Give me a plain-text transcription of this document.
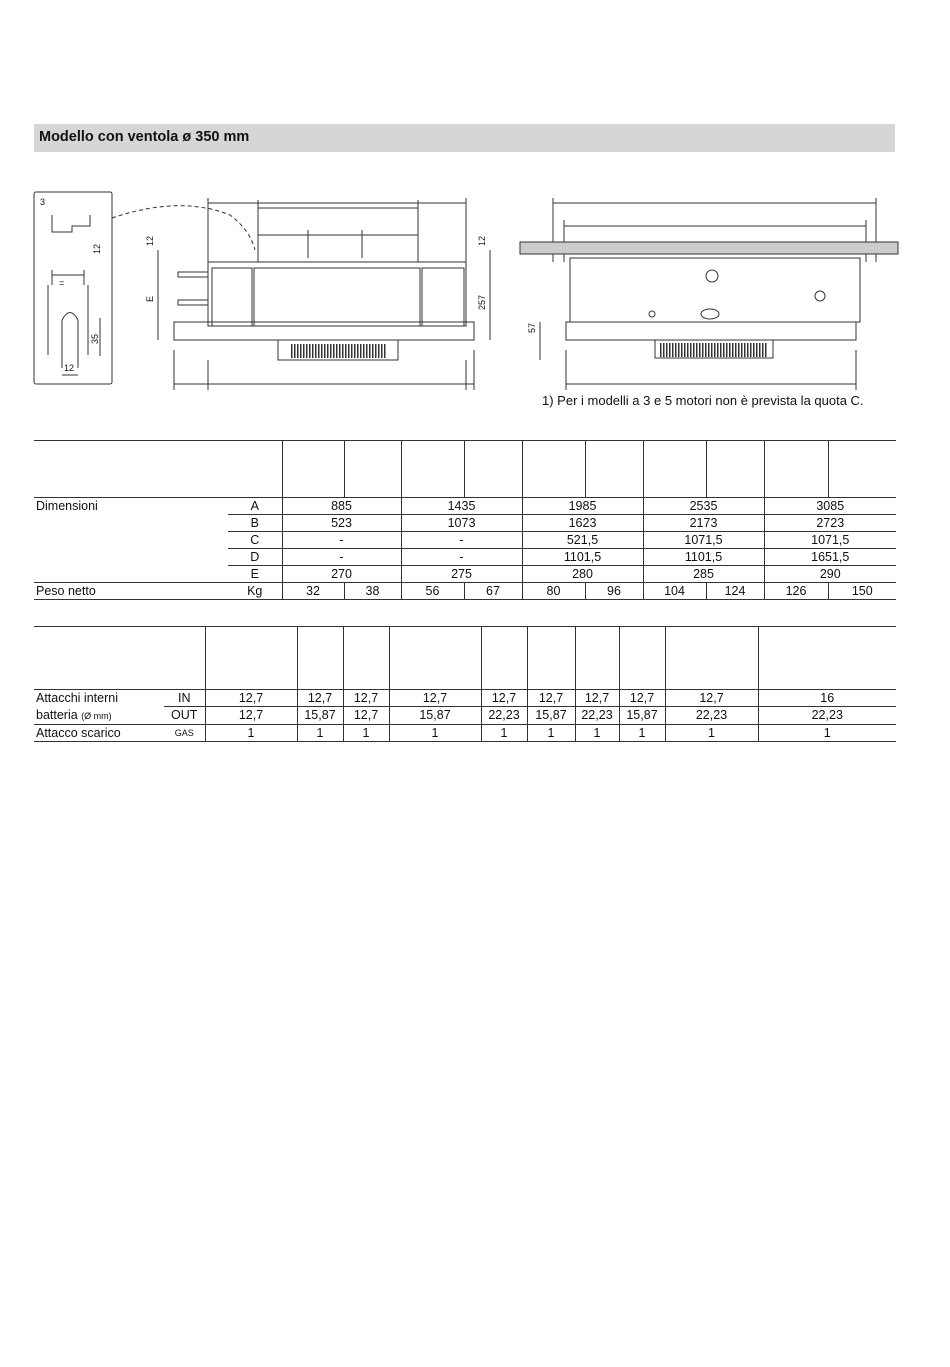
Modello con ventola ø 350 mm
3
12
35
12
=
12
E
12
257
57
1) Per i modelli a 3 e 5 motori non è prevista la quota C.

Dimensioni	A	885		1435		1985		2535		3085	
	B	523		1073		1623		2173		2723	
	C	-		-		521,5		1071,5		1071,5	
	D	-		-		1101,5		1101,5		1651,5	
	E	270		275		280		285		290	
Peso netto	Kg	32	38	56	67	80	96	104	124	126	150

Attacchi interni	IN	12,7	12,7	12,7	12,7	12,7	12,7	12,7	12,7	12,7	16
batteria (Ø mm)	OUT	12,7	15,87	12,7	15,87	22,23	15,87	22,23	15,87	22,23	22,23
Attacco scarico	GAS	1	1	1	1	1	1	1	1	1	1
